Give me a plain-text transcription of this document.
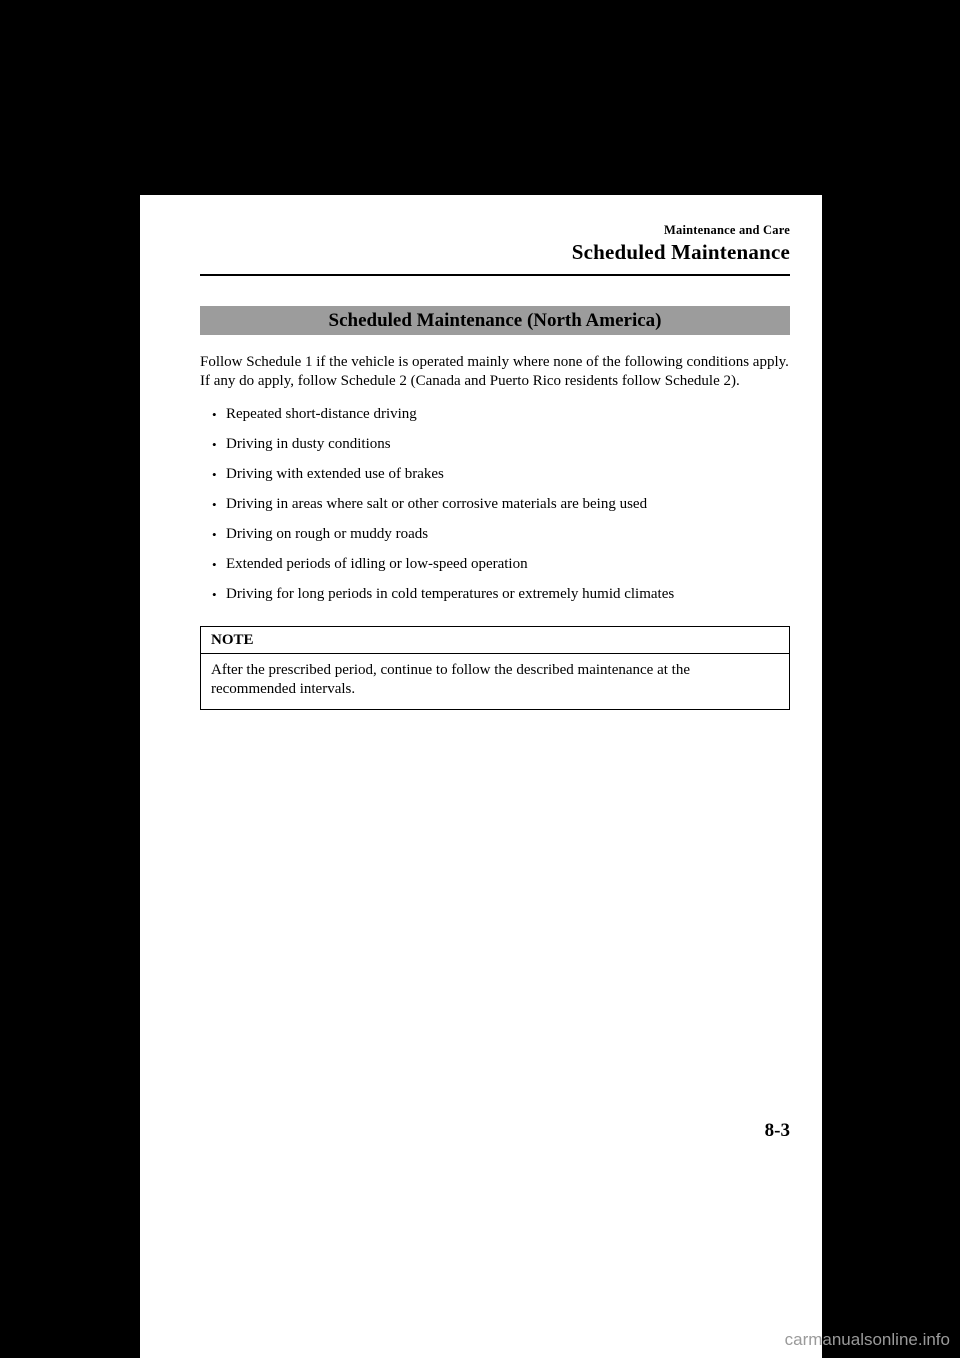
Maintenance and Care
Scheduled Maintenance
Scheduled Maintenance (North America)

Follow Schedule 1 if the vehicle is operated mainly where none of the following conditions apply.

If any do apply, follow Schedule 2 (Canada and Puerto Rico residents follow Schedule 2).

• Repeated short-distance driving
• Driving in dusty conditions
• Driving with extended use of brakes
• Driving in areas where salt or other corrosive materials are being used
• Driving on rough or muddy roads
• Extended periods of idling or low-speed operation
• Driving for long periods in cold temperatures or extremely humid climates
NOTE
After the prescribed period, continue to follow the described maintenance at the recommended intervals.
8-3
carmanualsonline.info
